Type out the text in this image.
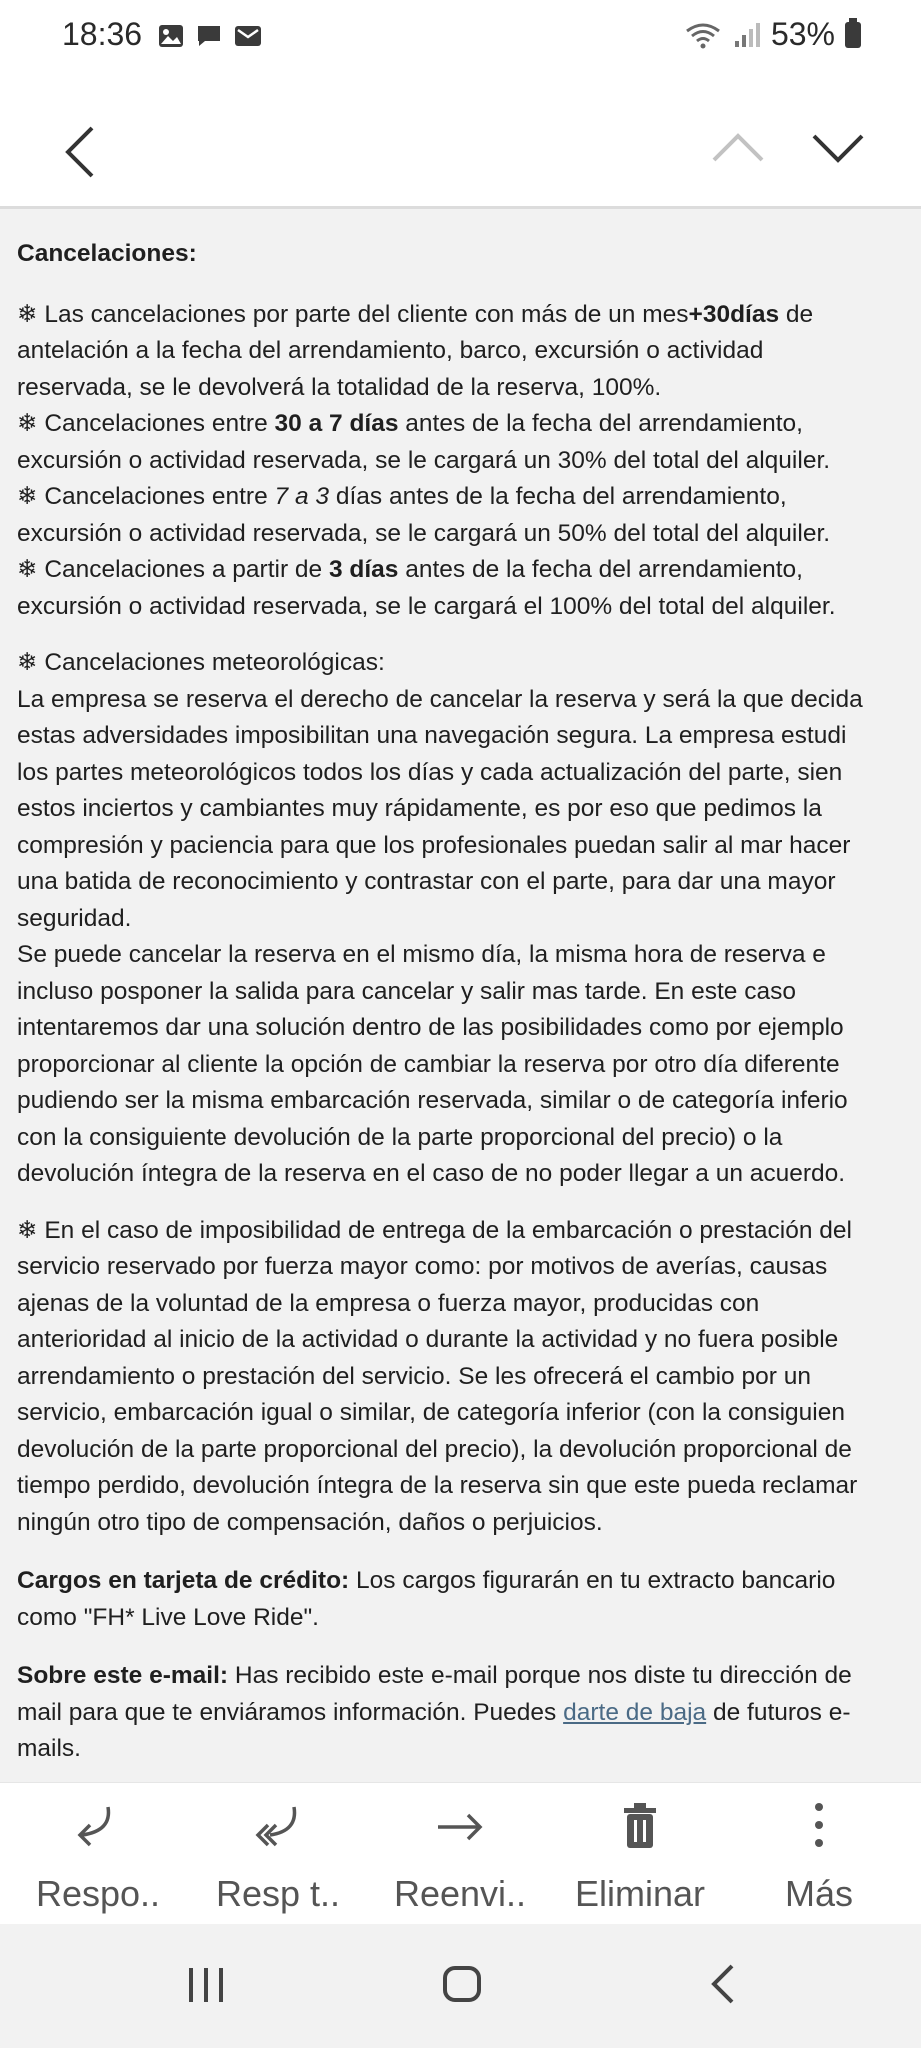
18:36	53%

Cancelaciones:

❄ Las cancelaciones por parte del cliente con más de un mes+30días de

antelación a la fecha del arrendamiento, barco, excursión o actividad

reservada, se le devolverá la totalidad de la reserva, 100%.

❄ Cancelaciones entre 30 a 7 días antes de la fecha del arrendamiento,

excursión o actividad reservada, se le cargará un 30% del total del alquiler.

❄ Cancelaciones entre 7 a 3 días antes de la fecha del arrendamiento,

excursión o actividad reservada, se le cargará un 50% del total del alquiler.

❄ Cancelaciones a partir de 3 días antes de la fecha del arrendamiento,

excursión o actividad reservada, se le cargará el 100% del total del alquiler.

❄ Cancelaciones meteorológicas:

La empresa se reserva el derecho de cancelar la reserva y será la que decida

estas adversidades imposibilitan una navegación segura. La empresa estudi

los partes meteorológicos todos los días y cada actualización del parte, sien

estos inciertos y cambiantes muy rápidamente, es por eso que pedimos la

compresión y paciencia para que los profesionales puedan salir al mar hacer

una batida de reconocimiento y contrastar con el parte, para dar una mayor

seguridad.

Se puede cancelar la reserva en el mismo día, la misma hora de reserva e

incluso posponer la salida para cancelar y salir mas tarde. En este caso

intentaremos dar una solución dentro de las posibilidades como por ejemplo

proporcionar al cliente la opción de cambiar la reserva por otro día diferente

pudiendo ser la misma embarcación reservada, similar o de categoría inferio

con la consiguiente devolución de la parte proporcional del precio) o la

devolución íntegra de la reserva en el caso de no poder llegar a un acuerdo.

❄ En el caso de imposibilidad de entrega de la embarcación o prestación del

servicio reservado por fuerza mayor como: por motivos de averías, causas

ajenas de la voluntad de la empresa o fuerza mayor, producidas con

anterioridad al inicio de la actividad o durante la actividad y no fuera posible

arrendamiento o prestación del servicio. Se les ofrecerá el cambio por un

servicio, embarcación igual o similar, de categoría inferior (con la consiguien

devolución de la parte proporcional del precio), la devolución proporcional de

tiempo perdido, devolución íntegra de la reserva sin que este pueda reclamar

ningún otro tipo de compensación, daños o perjuicios.

Cargos en tarjeta de crédito: Los cargos figurarán en tu extracto bancario

como "FH* Live Love Ride".

Sobre este e-mail: Has recibido este e-mail porque nos diste tu dirección de

mail para que te enviáramos información. Puedes darte de baja de futuros e-

mails.

Respo..	Resp t..	Reenvi..	Eliminar	Más
